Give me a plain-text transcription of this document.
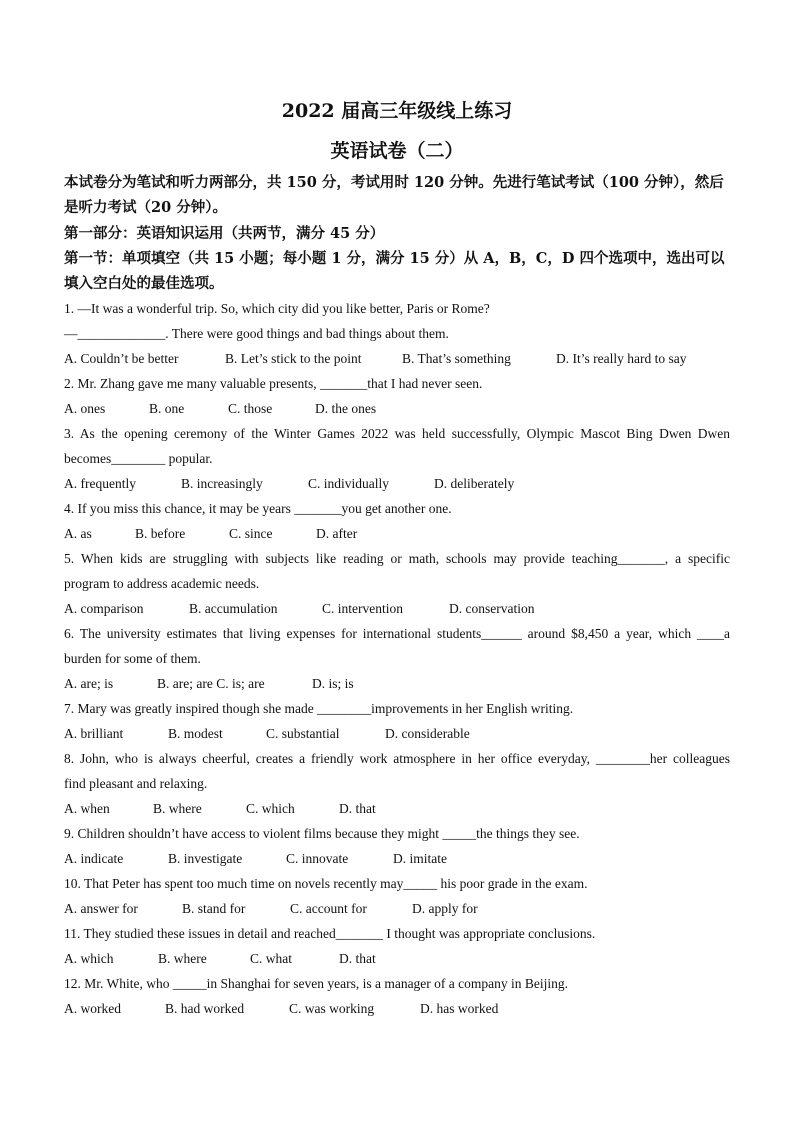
2022 届高三年级线上练习
英语试卷（二）
本试卷分为笔试和听力两部分，共 150 分，考试用时 120 分钟。先进行笔试考试（100 分钟），然后是听力考试（20 分钟）。
第一部分：英语知识运用（共两节，满分 45 分）
第一节：单项填空（共 15 小题；每小题 1 分，满分 15 分）从 A，B，C，D 四个选项中，选出可以填入空白处的最佳选项。
1. —It was a wonderful trip. So, which city did you like better, Paris or Rome?
—_____________. There were good things and bad things about them.
A. Couldn’t be better	B. Let’s stick to the point	B. That’s something	D. It’s really hard to say
2. Mr. Zhang gave me many valuable presents, _______that I had never seen.
A. ones	B. one	C. those	D. the ones
3. As the opening ceremony of the Winter Games 2022 was held successfully, Olympic Mascot Bing Dwen Dwen
becomes________ popular.
A. frequently	B. increasingly	C. individually	D. deliberately
4. If you miss this chance, it may be years _______you get another one.
A. as	B. before	C. since	D. after
5. When kids are struggling with subjects like reading or math, schools may provide teaching_______, a specific
program to address academic needs.
A. comparison	B. accumulation	C. intervention	D. conservation
6. The university estimates that living expenses for international students______ around $8,450 a year, which ____a
burden for some of them.
A. are; is	B. are; are C. is; are	D. is; is
7. Mary was greatly inspired though she made ________improvements in her English writing.
A. brilliant	B. modest	C. substantial	D. considerable
8. John, who is always cheerful, creates a friendly work atmosphere in her office everyday, ________her colleagues
find pleasant and relaxing.
A. when	B. where	C. which	D. that
9. Children shouldn’t have access to violent films because they might _____the things they see.
A. indicate	B. investigate	C. innovate	D. imitate
10. That Peter has spent too much time on novels recently may_____ his poor grade in the exam.
A. answer for	B. stand for	C. account for	D. apply for
11. They studied these issues in detail and reached_______ I thought was appropriate conclusions.
A. which	B. where	C. what	D. that
12. Mr. White, who _____in Shanghai for seven years, is a manager of a company in Beijing.
A. worked	B. had worked	C. was working	D. has worked
